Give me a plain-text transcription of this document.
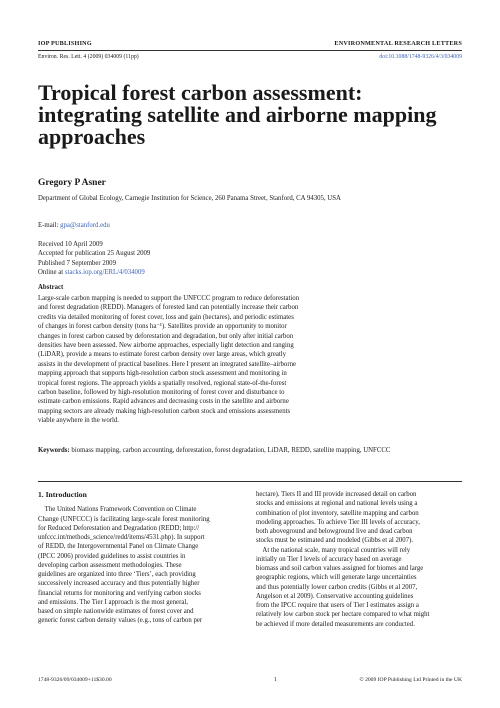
IOP PUBLISHING	ENVIRONMENTAL RESEARCH LETTERS
Environ. Res. Lett. 4 (2009) 034009 (11pp)	doi:10.1088/1748-9326/4/3/034009
Tropical forest carbon assessment: integrating satellite and airborne mapping approaches
Gregory P Asner
Department of Global Ecology, Carnegie Institution for Science, 260 Panama Street, Stanford, CA 94305, USA
E-mail: gpa@stanford.edu
Received 10 April 2009
Accepted for publication 25 August 2009
Published 7 September 2009
Online at stacks.iop.org/ERL/4/034009
Abstract
Large-scale carbon mapping is needed to support the UNFCCC program to reduce deforestation
and forest degradation (REDD). Managers of forested land can potentially increase their carbon
credits via detailed monitoring of forest cover, loss and gain (hectares), and periodic estimates
of changes in forest carbon density (tons ha⁻¹). Satellites provide an opportunity to monitor
changes in forest carbon caused by deforestation and degradation, but only after initial carbon
densities have been assessed. New airborne approaches, especially light detection and ranging
(LiDAR), provide a means to estimate forest carbon density over large areas, which greatly
assists in the development of practical baselines. Here I present an integrated satellite–airborne
mapping approach that supports high-resolution carbon stock assessment and monitoring in
tropical forest regions. The approach yields a spatially resolved, regional state-of-the-forest
carbon baseline, followed by high-resolution monitoring of forest cover and disturbance to
estimate carbon emissions. Rapid advances and decreasing costs in the satellite and airborne
mapping sectors are already making high-resolution carbon stock and emissions assessments
viable anywhere in the world.
Keywords: biomass mapping, carbon accounting, deforestation, forest degradation, LiDAR, REDD, satellite mapping, UNFCCC
1. Introduction
The United Nations Framework Convention on Climate
Change (UNFCCC) is facilitating large-scale forest monitoring
for Reduced Deforestation and Degradation (REDD; http://
unfccc.int/methods_science/redd/items/4531.php). In support
of REDD, the Intergovernmental Panel on Climate Change
(IPCC 2006) provided guidelines to assist countries in
developing carbon assessment methodologies. These
guidelines are organized into three ‘Tiers’, each providing
successively increased accuracy and thus potentially higher
financial returns for monitoring and verifying carbon stocks
and emissions. The Tier I approach is the most general,
based on simple nationwide estimates of forest cover and
generic forest carbon density values (e.g., tons of carbon per
hectare). Tiers II and III provide increased detail on carbon
stocks and emissions at regional and national levels using a
combination of plot inventory, satellite mapping and carbon
modeling approaches. To achieve Tier III levels of accuracy,
both aboveground and belowground live and dead carbon
stocks must be estimated and modeled (Gibbs et al 2007).
At the national scale, many tropical countries will rely
initially on Tier I levels of accuracy based on average
biomass and soil carbon values assigned for biomes and large
geographic regions, which will generate large uncertainties
and thus potentially lower carbon credits (Gibbs et al 2007,
Angelson et al 2009). Conservative accounting guidelines
from the IPCC require that users of Tier I estimates assign a
relatively low carbon stock per hectare compared to what might
be achieved if more detailed measurements are conducted.
1748-9326/09/034009+11$30.00	1	© 2009 IOP Publishing Ltd Printed in the UK
